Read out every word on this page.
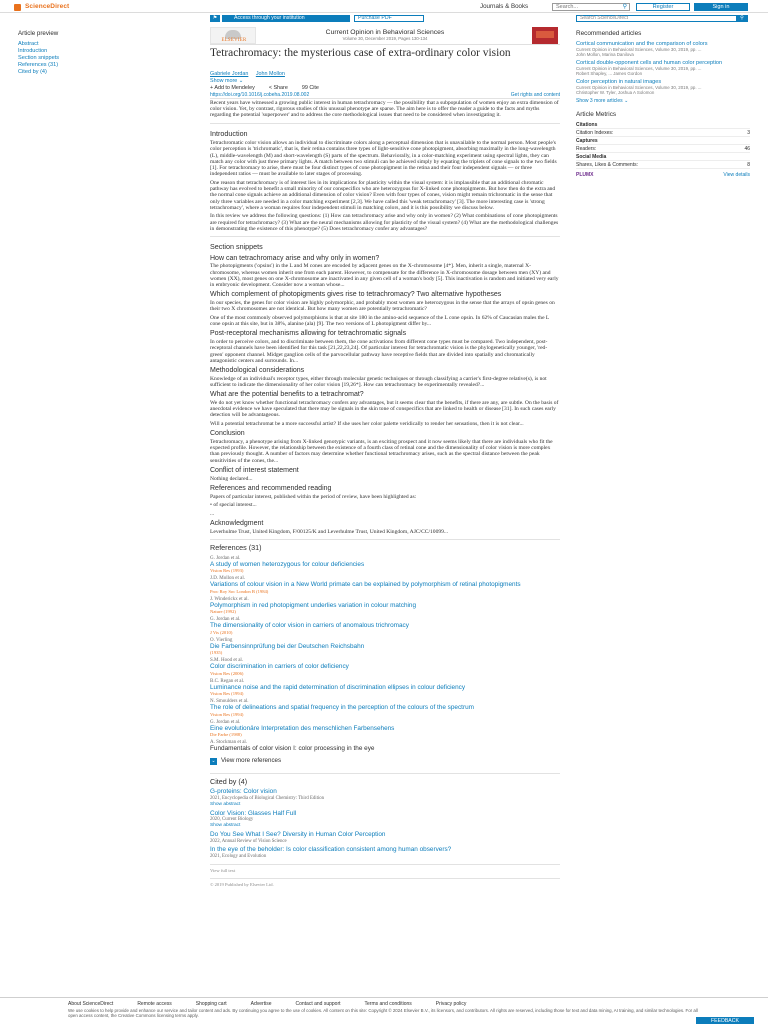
ScienceDirect	Journals & Books	Search...	⚲	Register	Sign in
⚑	Access through your institution	Purchase PDF	Search ScienceDirect	⚲
Article preview
Abstract
Introduction
Section snippets
References (31)
Cited by (4)
ELSEVIER
Current Opinion in Behavioral Sciences
Volume 30, December 2019, Pages 130-134
Tetrachromacy: the mysterious case of extra-ordinary color vision
Gabriele Jordan John Mollon
Show more ⌄
+ Add to Mendeley	< Share	99 Cite
https://doi.org/10.1016/j.cobeha.2019.08.002	Get rights and content

Recent years have witnessed a growing public interest in human tetrachromacy — the possibility that a subpopulation of women enjoy an extra dimension of color vision. Yet, by contrast, rigorous studies of this unusual phenotype are sparse. The aim here is to offer the reader a guide to the facts and myths regarding the potential 'superpower' and to address the core methodological issues that need to be considered when investigating it.

Introduction

Tetrachromatic color vision allows an individual to discriminate colors along a perceptual dimension that is unavailable to the normal person. Most people's color perception is 'trichromatic', that is, their retina contains three types of light-sensitive cone photopigment, absorbing maximally in the long-wavelength (L), middle-wavelength (M) and short-wavelength (S) parts of the spectrum. Behaviorally, in a color-matching experiment using spectral lights, they can match any color with just three primary lights. A match between two stimuli can be achieved simply by equating the triplets of cone signals to the two fields [1]. For tetrachromacy to arise, there must be four distinct types of cone photopigment in the retina and their four independent signals — or three independent ratios — must be available to later stages of processing.

One reason that tetrachromacy is of interest lies in its implications for plasticity within the visual system: it is implausible that an additional chromatic pathway has evolved to benefit a small minority of our conspecifics who are heterozygous for X-linked cone photopigments. But how then do the extra and the normal cone signals achieve an additional dimension of color vision? Even with four types of cones, vision might remain trichromatic in the sense that only three variables are needed in a color matching experiment [2,3]. We have called this 'weak tetrachromacy' [3]. The more interesting case is 'strong tetrachromacy', where a woman requires four independent stimuli in matching colors, and it is this possibility we discuss below.

In this review we address the following questions: (1) How can tetrachromacy arise and why only in women? (2) What combinations of cone photopigments are required for tetrachromacy? (3) What are the neural mechanisms allowing for plasticity of the visual system? (4) What are the methodological challenges in demonstrating the existence of this phenotype? (5) Does tetrachromacy confer any advantages?

Section snippets
How can tetrachromacy arise and why only in women?

The photopigments ('opsins') in the L and M cones are encoded by adjacent genes on the X-chromosome [4*]. Men, inherit a single, maternal X-chromosome, whereas women inherit one from each parent. However, to compensate for the difference in X-chromosome dosage between men (XY) and women (XX), most genes on one X-chromosome are inactivated in any given cell of a woman's body [5]. This inactivation is random and initiated very early in embryonic development. Consider now a woman whose...

Which complement of photopigments gives rise to tetrachromacy? Two alternative hypotheses

In our species, the genes for color vision are highly polymorphic, and probably most women are heterozygous in the sense that the arrays of opsin genes on their two X chromosomes are not identical. But how many women are potentially tetrachromatic?

One of the most commonly observed polymorphisms is that at site 180 in the amino-acid sequence of the L cone opsin. In 62% of Caucasian males the L cone opsin at this site, but in 38%, alanine (ala) [9]. The two versions of L photopigment differ by...

Post-receptoral mechanisms allowing for tetrachromatic signals

In order to perceive colors, and to discriminate between them, the cone activations from different cone types must be compared. Two independent, post-receptoral channels have been identified for this task [21,22,23,24]. Of particular interest for tetrachromatic vision is the phylogenetically younger, 'red-green' opponent channel. Midget ganglion cells of the parvocellular pathway have receptive fields that are divided into spatially and chromatically antagonistic centers and surrounds. In...

Methodological considerations

Knowledge of an individual's receptor types, either through molecular genetic techniques or through classifying a carrier's first-degree relative(s), is not sufficient to indicate the dimensionality of her color vision [19,26*]. How can tetrachromacy be experimentally revealed?...

What are the potential benefits to a tetrachromat?

We do not yet know whether functional tetrachromacy confers any advantages, but it seems clear that the benefits, if there are any, are subtle. On the basis of anecdotal evidence we have speculated that there may be signals in the skin tone of conspecifics that are linked to health or disease [31]. In such cases early detection will be advantageous.

Will a potential tetrachromat be a more successful artist? If she uses her color palette veridically to render her sensations, then it is not clear...

Conclusion

Tetrachromacy, a phenotype arising from X-linked genotypic variants, is an exciting prospect and it now seems likely that there are individuals who fit the expected profile. However, the relationship between the existence of a fourth class of retinal cone and the dimensionality of color vision is more complex than previously thought. A number of factors may determine whether functional tetrachromacy arises, such as the spectral distance between the peak sensitivities of the cones, the...

Conflict of interest statement

Nothing declared...

References and recommended reading

Papers of particular interest, published within the period of review, have been highlighted as:

• of special interest...

...

Acknowledgment

Leverhulme Trust, United Kingdom, F/00125/K and Leverhulme Trust, United Kingdom, AJC/CC/10099...

References (31)
G. Jordan et al.
A study of women heterozygous for colour deficiencies
Vision Res (1993)
J.D. Mollon et al.
Variations of colour vision in a New World primate can be explained by polymorphism of retinal photopigments
Proc Roy Soc London B (1984)
J. Winderickx et al.
Polymorphism in red photopigment underlies variation in colour matching
Nature (1992)
G. Jordan et al.
The dimensionality of color vision in carriers of anomalous trichromacy
J Vis (2010)
O. Vierling
Die Farbensinnprüfung bei der Deutschen Reichsbahn
(1935)
S.M. Hood et al.
Color discrimination in carriers of color deficiency
Vision Res (2006)
B.C. Regan et al.
Luminance noise and the rapid determination of discrimination ellipses in colour deficiency
Vision Res (1994)
N. Smoulders et al.
The role of delineations and spatial frequency in the perception of the colours of the spectrum
Vision Res (1994)
G. Jordan et al.
Eine evolutionäre Interpretation des menschlichen Farbensehens
Die Farbe (1988)
A. Stockman et al.
Fundamentals of color vision I: color processing in the eye
⌄ View more references
Cited by (4)
G-proteins: Color vision
2021, Encyclopedia of Biological Chemistry: Third Edition
Show abstract
Color Vision: Glasses Half Full
2020, Current Biology
Show abstract
Do You See What I See? Diversity in Human Color Perception
2022, Annual Review of Vision Science
In the eye of the beholder: Is color classification consistent among human observers?
2021, Ecology and Evolution
View full text
© 2019 Published by Elsevier Ltd.
Recommended articles
Cortical communication and the comparison of colors
Current Opinion in Behavioral Sciences, Volume 30, 2019, pp. ...
John Mollon, Marina Danilova
Cortical double-opponent cells and human color perception
Current Opinion in Behavioral Sciences, Volume 30, 2019, pp. ...
Robert Shapley, ... James Gordon
Color perception in natural images
Current Opinion in Behavioral Sciences, Volume 30, 2019, pp. ...
Christopher W. Tyler, Joshua A Solomon
Show 3 more articles ⌄
Article Metrics
Citations
Citation Indexes:	3
Captures
Readers:	46
Social Media
Shares, Likes & Comments:	8
PLUMX	View details
About ScienceDirect	Remote access	Shopping cart	Advertise	Contact and support	Terms and conditions	Privacy policy
We use cookies to help provide and enhance our service and tailor content and ads. By continuing you agree to the use of cookies. All content on this site: Copyright © 2024 Elsevier B.V., its licensors, and contributors. All rights are reserved, including those for text and data mining, AI training, and similar technologies. For all open access content, the Creative Commons licensing terms apply.
FEEDBACK
